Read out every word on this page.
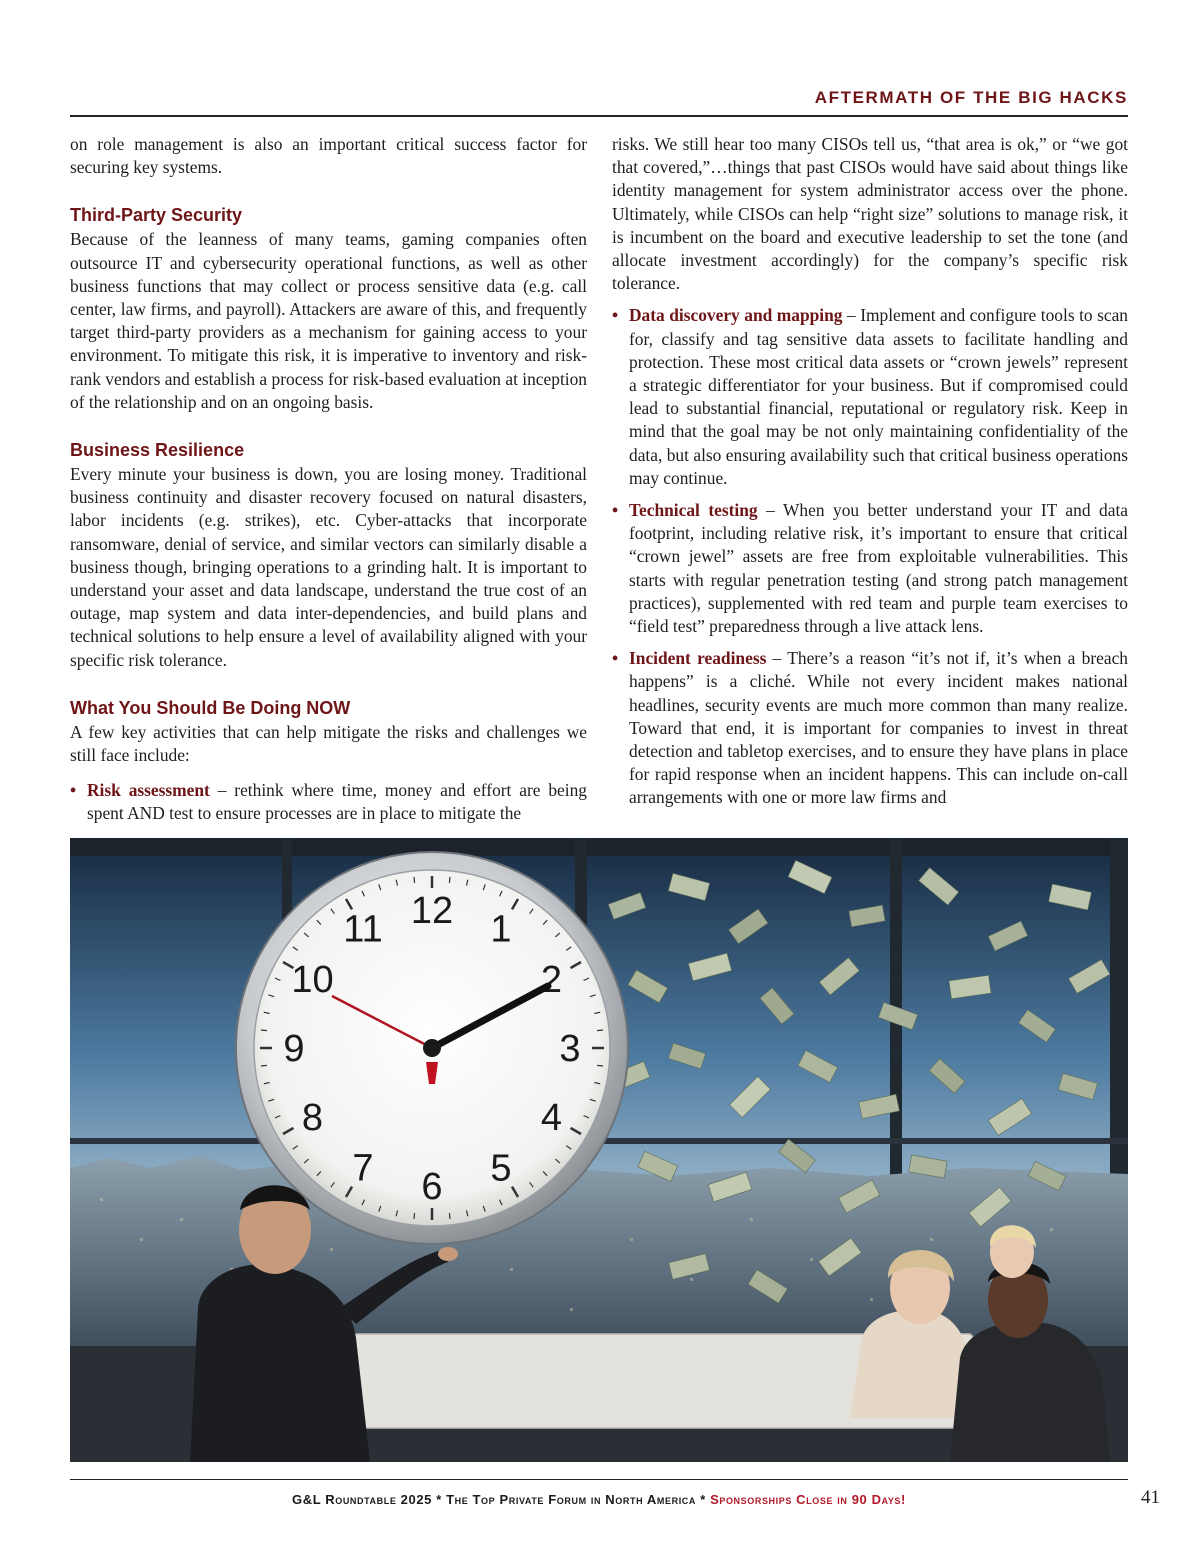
AFTERMATH OF THE BIG HACKS

on role management is also an important critical success factor for securing key systems.

Third-Party Security

Because of the leanness of many teams, gaming companies often outsource IT and cybersecurity operational functions, as well as other business functions that may collect or process sensitive data (e.g. call center, law firms, and payroll). Attackers are aware of this, and frequently target third-party providers as a mechanism for gaining access to your environment. To mitigate this risk, it is imperative to inventory and risk-rank vendors and establish a process for risk-based evaluation at inception of the relationship and on an ongoing basis.

Business Resilience

Every minute your business is down, you are losing money. Traditional business continuity and disaster recovery focused on natural disasters, labor incidents (e.g. strikes), etc. Cyber-attacks that incorporate ransomware, denial of service, and similar vectors can similarly disable a business though, bringing operations to a grinding halt. It is important to understand your asset and data landscape, understand the true cost of an outage, map system and data inter-dependencies, and build plans and technical solutions to help ensure a level of availability aligned with your specific risk tolerance.

What You Should Be Doing NOW

A few key activities that can help mitigate the risks and challenges we still face include:

• Risk assessment – rethink where time, money and effort are being spent AND test to ensure processes are in place to mitigate the

risks. We still hear too many CISOs tell us, “that area is ok,” or “we got that covered,”…things that past CISOs would have said about things like identity management for system administrator access over the phone. Ultimately, while CISOs can help “right size” solutions to manage risk, it is incumbent on the board and executive leadership to set the tone (and allocate investment accordingly) for the company’s specific risk tolerance.

• Data discovery and mapping – Implement and configure tools to scan for, classify and tag sensitive data assets to facilitate handling and protection. These most critical data assets or “crown jewels” represent a strategic differentiator for your business. But if compromised could lead to substantial financial, reputational or regulatory risk. Keep in mind that the goal may be not only maintaining confidentiality of the data, but also ensuring availability such that critical business operations may continue.
• Technical testing – When you better understand your IT and data footprint, including relative risk, it’s important to ensure that critical “crown jewel” assets are free from exploitable vulnerabilities. This starts with regular penetration testing (and strong patch management practices), supplemented with red team and purple team exercises to “field test” preparedness through a live attack lens.
• Incident readiness – There’s a reason “it’s not if, it’s when a breach happens” is a cliché. While not every incident makes national headlines, security events are much more common than many realize. Toward that end, it is important for companies to invest in threat detection and tabletop exercises, and to ensure they have plans in place for rapid response when an incident happens. This can include on-call arrangements with one or more law firms and
12 1
2
3
4
5
6
7
8
9
10
11
G&L Roundtable 2025 * The Top Private Forum in North America * Sponsorships Close in 90 Days!	41
